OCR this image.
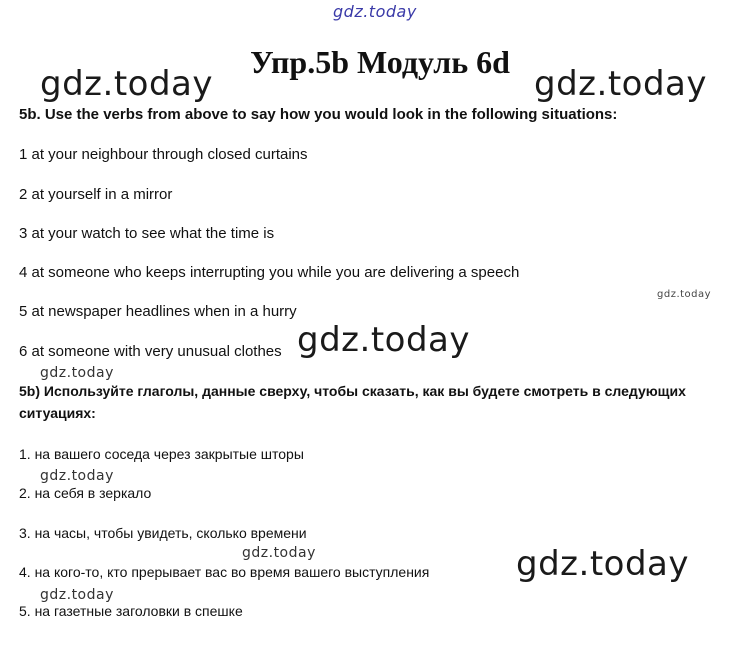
gdz.today
gdz.today	gdz.today
gdz.today
gdz.today
gdz.today
gdz.today
gdz.today	gdz.today
gdz.today
Упр.5b Модуль 6d
5b. Use the verbs from above to say how you would look in the following situations:
1 at your neighbour through closed curtains
2 at yourself in a mirror
3 at your watch to see what the time is
4 at someone who keeps interrupting you while you are delivering a speech
5 at newspaper headlines when in a hurry
6 at someone with very unusual clothes
5b) Используйте глаголы, данные сверху, чтобы сказать, как вы будете смотреть в следующих
ситуациях:
1. на вашего соседа через закрытые шторы
2. на себя в зеркало
3. на часы, чтобы увидеть, сколько времени
4. на кого-то, кто прерывает вас во время вашего выступления
5. на газетные заголовки в спешке
